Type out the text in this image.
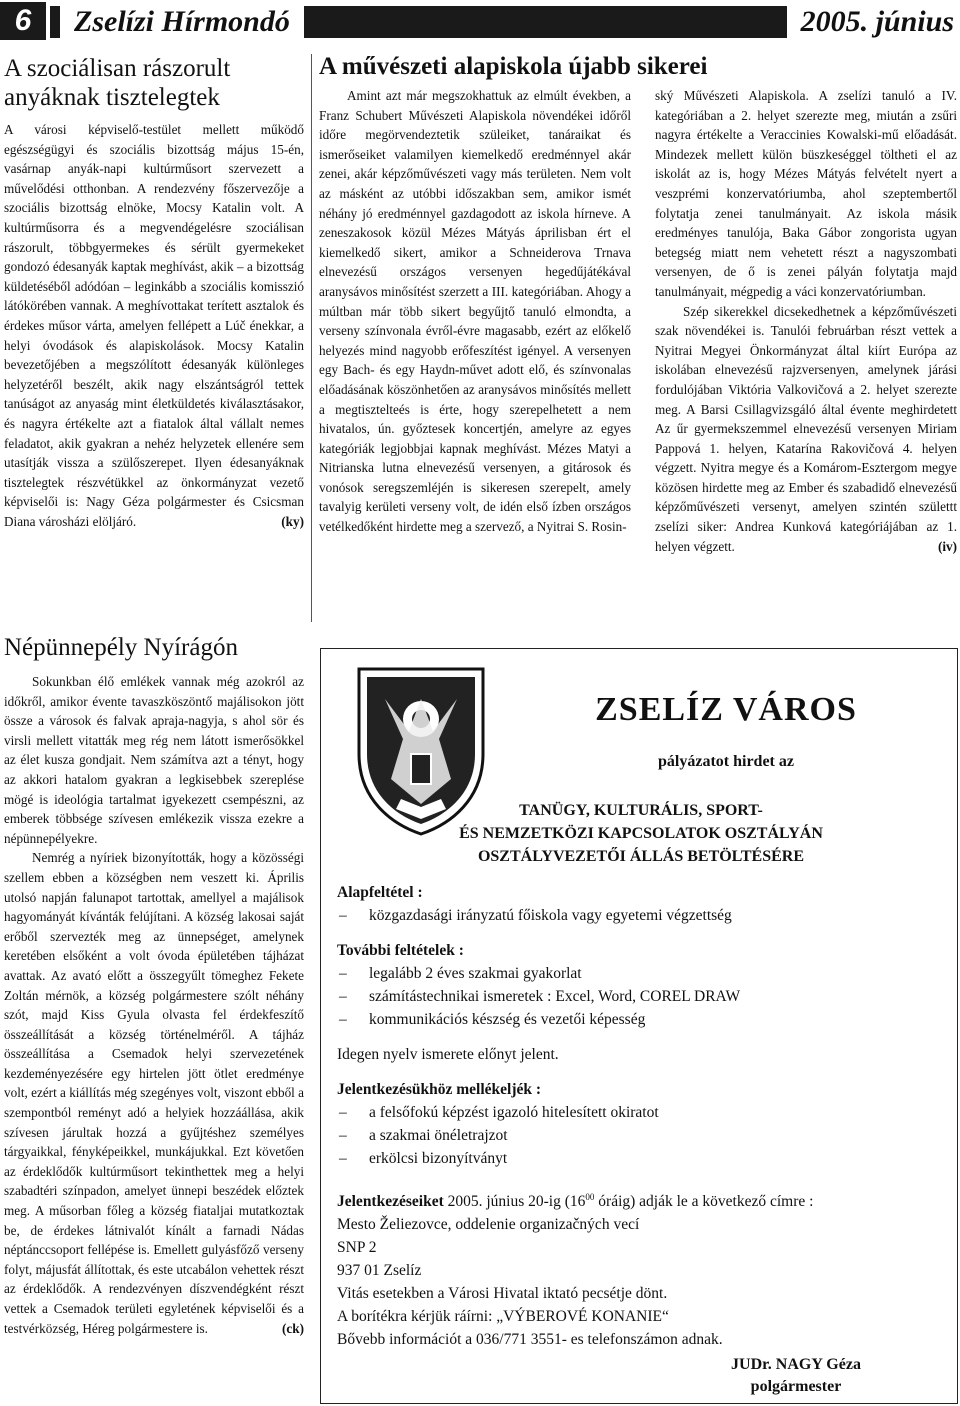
6	Zselízi Hírmondó	2005. június
A szociálisan rászorult anyáknak tisztelegtek

A városi képviselő-testület mellett működő egészségügyi és szociális bizottság május 15-én, vasárnap anyák-napi kultúrműsort szervezett a művelődési otthonban. A rendezvény főszervezője a szociális bizottság elnöke, Mocsy Katalin volt. A kultúrműsorra és a megvendégelésre szociálisan rászorult, többgyermekes és sérült gyermekeket gondozó édesanyák kaptak meghívást, akik – a bizottság küldetéséből adódóan – leginkább a szociális komisszió látókörében vannak. A meghívottakat terített asztalok és érdekes műsor várta, amelyen fellépett a Lúč énekkar, a helyi óvodások és alapiskolások. Mocsy Katalin bevezetőjében a megszólított édesanyák különleges helyzetéről beszélt, akik nagy elszántságról tettek tanúságot az anyaság mint életküldetés kiválasztásakor, és nagyra értékelte azt a fiatalok által vállalt nemes feladatot, akik gyakran a nehéz helyzetek ellenére sem utasítják vissza a szülőszerepet. Ilyen édesanyáknak tisztelegtek részvétükkel az önkormányzat vezető képviselői is: Nagy Géza polgármester és Csicsman Diana városházi elöljáró.	(ky)

A művészeti alapiskola újabb sikerei

Amint azt már megszokhattuk az elmúlt években, a Franz Schubert Művészeti Alapiskola növendékei időről időre megörvendeztetik szüleiket, tanáraikat és ismerőseiket valamilyen kiemelkedő eredménnyel akár zenei, akár képzőművészeti vagy más területen. Nem volt az másként az utóbbi időszakban sem, amikor ismét néhány jó eredménnyel gazdagodott az iskola hírneve. A zeneszakosok közül Mézes Mátyás áprilisban ért el kiemelkedő sikert, amikor a Schneiderova Trnava elnevezésű országos versenyen hegedűjátékával aranysávos minősítést szerzett a III. kategóriában. Ahogy a múltban már több sikert begyűjtő tanuló elmondta, a verseny színvonala évről-évre magasabb, ezért az előkelő helyezés mind nagyobb erőfeszítést igényel. A versenyen egy Bach- és egy Haydn-művet adott elő, és színvonalas előadásának köszönhetően az aranysávos minősítés mellett a megtisztelteés is érte, hogy szerepelhetett a nem hivatalos, ún. győztesek koncertjén, amelyre az egyes kategóriák legjobbjai kapnak meghívást. Mézes Matyi a Nitrianska lutna elnevezésű versenyen, a gitárosok és vonósok seregszemléjén is sikeresen szerepelt, amely tavalyig kerületi verseny volt, de idén első ízben országos vetélkedőként hirdette meg a szervező, a Nyitrai S. Rosin-

ský Művészeti Alapiskola. A zselízi tanuló a IV. kategóriában a 2. helyet szerezte meg, miután a zsűri nagyra értékelte a Veraccinies Kowalski-mű előadását. Mindezek mellett külön büszkeséggel töltheti el az iskolát az is, hogy Mézes Mátyás felvételt nyert a veszprémi konzervatóriumba, ahol szeptembertől folytatja zenei tanulmányait. Az iskola másik eredményes tanulója, Baka Gábor zongorista ugyan betegség miatt nem vehetett részt a nagyszombati versenyen, de ő is zenei pályán folytatja majd tanulmányait, mégpedig a váci konzervatóriumban.

Szép sikerekkel dicsekedhetnek a képzőművészeti szak növendékei is. Tanulói februárban részt vettek a Nyitrai Megyei Önkormányzat által kiírt Európa az iskolában elnevezésű rajzversenyen, amelynek járási fordulójában Viktória Valkovičová a 2. helyet szerezte meg. A Barsi Csillagvizsgáló által évente meghirdetett Az űr gyermekszemmel elnevezésű versenyen Miriam Pappová 1. helyen, Katarína Rakovičová 4. helyen végzett. Nyitra megye és a Komárom-Esztergom megye közösen hirdette meg az Ember és szabadidő elnevezésű képzőművészeti versenyt, amelyen szintén születtt zselízi siker: Andrea Kunková kategóriájában az 1. helyen végzett.	(iv)

Népünnepély Nyírágón

Sokunkban élő emlékek vannak még azokról az időkről, amikor évente tavaszköszöntő majálisokon jött össze a városok és falvak apraja-nagyja, s ahol sör és virsli mellett vitatták meg rég nem látott ismerősökkel az élet kusza gondjait. Nem számítva azt a tényt, hogy az akkori hatalom gyakran a legkisebbek szereplése mögé is ideológia tartalmat igyekezett csempészni, az emberek többsége szívesen emlékezik vissza ezekre a népünnepélyekre.

Nemrég a nyíriek bizonyították, hogy a közösségi szellem ebben a községben nem veszett ki. Április utolsó napján falunapot tartottak, amellyel a majálisok hagyományát kívánták felújítani. A község lakosai saját erőből szervezték meg az ünnepséget, amelynek keretében elsőként a volt óvoda épületében tájházat avattak. Az avató előtt a összegyűlt tömeghez Fekete Zoltán mérnök, a község polgármestere szólt néhány szót, majd Kiss Gyula olvasta fel érdekfeszítő összeállítását a község történelméről. A tájház összeállítása a Csemadok helyi szervezetének kezdeményezésére egy hirtelen jött ötlet eredménye volt, ezért a kiállítás még szegényes volt, viszont ebből a szempontból reményt adó a helyiek hozzáállása, akik szívesen járultak hozzá a gyűjtéshez személyes tárgyaikkal, fényképeikkel, munkájukkal. Ezt követően az érdeklődők kultúrműsort tekinthettek meg a helyi szabadtéri színpadon, amelyet ünnepi beszédek előztek meg. A műsorban főleg a község fiataljai mutatkoztak be, de érdekes látnivalót kínált a farnadi Nádas néptánccsoport fellépése is. Emellett gulyásfőző verseny folyt, májusfát állítottak, és este utcabálon vehettek részt az érdeklődők. A rendezvényen díszvendégként részt vettek a Csemadok területi egyletének képviselői és a testvérközség, Héreg polgármestere is.	(ck)

ZSELÍZ VÁROS
pályázatot hirdet az
TANÜGY, KULTURÁLIS, SPORT-
ÉS NEMZETKÖZI KAPCSOLATOK OSZTÁLYÁN
OSZTÁLYVEZETŐI ÁLLÁS BETÖLTÉSÉRE
Alapfeltétel :
– közgazdasági irányzatú főiskola vagy egyetemi végzettség
További feltételek :
– legalább 2 éves szakmai gyakorlat
– számítástechnikai ismeretek : Excel, Word, COREL DRAW
– kommunikációs készség és vezetői képesség
Idegen nyelv ismerete előnyt jelent.
Jelentkezésükhöz mellékeljék :
– a felsőfokú képzést igazoló hitelesített okiratot
– a szakmai önéletrajzot
– erkölcsi bizonyítványt
Jelentkezéseiket 2005. június 20-ig ($16^{00}$ óráig) adják le a következő címre :
Mesto Želiezovce, oddelenie organizačných vecí
SNP 2
937 01 Zselíz
Vitás esetekben a Városi Hivatal iktató pecsétje dönt.
A borítékra kérjük ráírni: „VÝBEROVÉ KONANIE“
Bővebb információt a 036/771 3551- es telefonszámon adnak.
JUDr. NAGY Géza
polgármester
